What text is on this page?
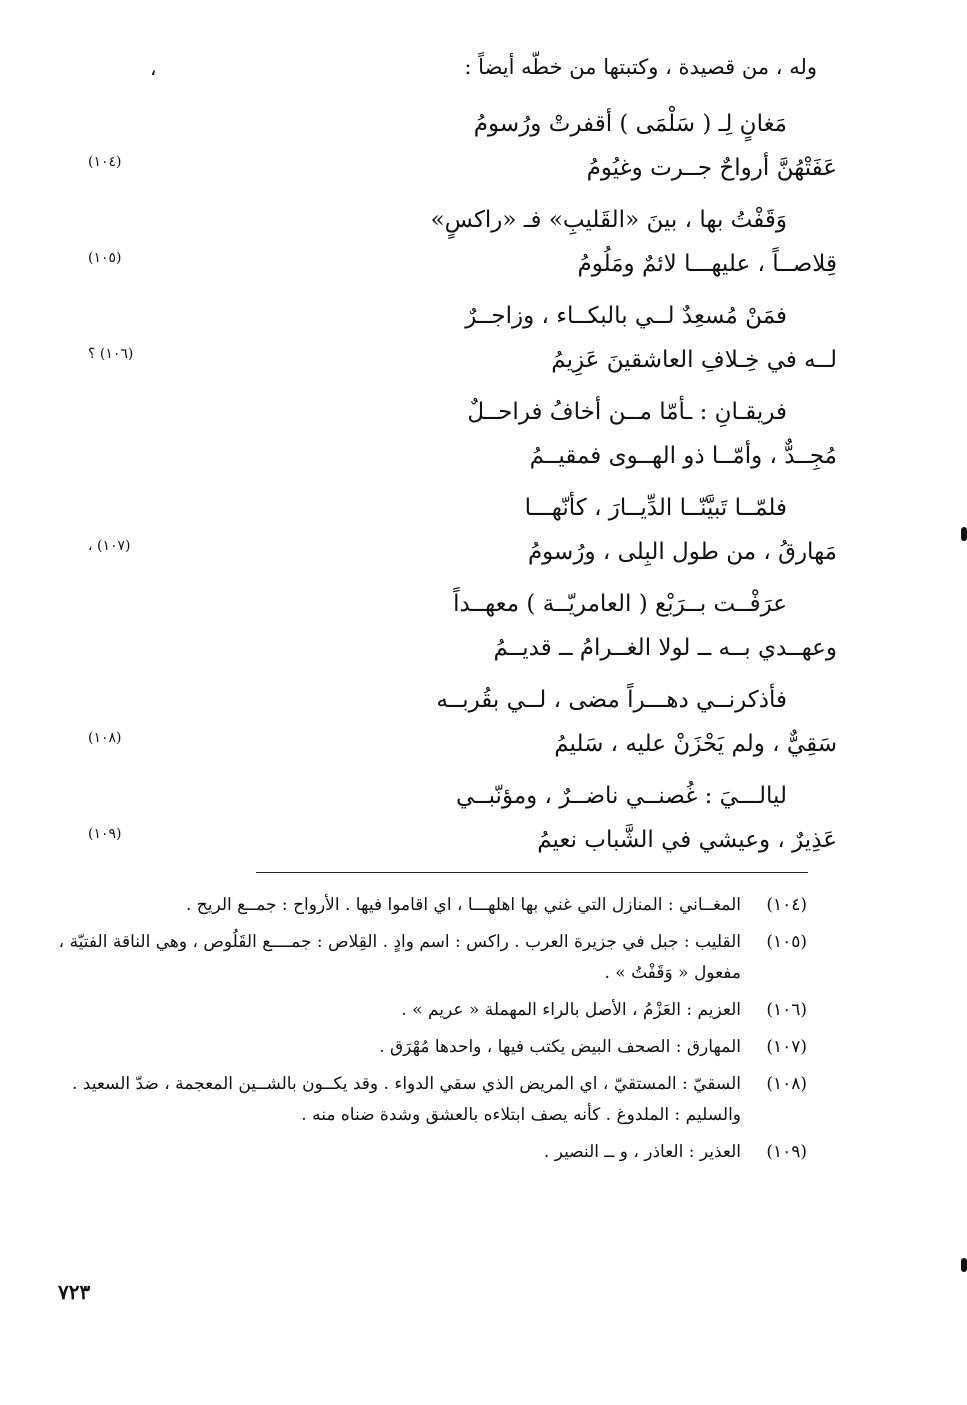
وله ، من قصيدة ، وكتبتها من خطّه أيضاً :
،
مَغانٍ لِـ ( سَلْمَى ) أقفرتْ ورُسومُ
عَفَتْهُنَّ أرواحٌ جــرت وغيُومُ
(١٠٤)
وَقَفْتُ بها ، بينَ «القَليبِ» فـ «راكسٍ»
قِلاصــاً ، عليهـــا لائمٌ ومَلُومُ
(١٠٥)
فمَنْ مُسعِدٌ لــي بالبكــاء ، وزاجــرٌ
لــه في خِـلافِ العاشقينَ عَزِيمُ
(١٠٦) ؟
فريقـانِ : ـأمّا مــن أخافُ فراحــلٌ
مُجِــدٌّ ، وأمّــا ذو الهــوى فمقيــمُ
فلمّــا تَبيَّنّــا الدِّيــارَ ، كأنّهـــا
مَهارقُ ، من طول البِلى ، ورُسومُ
(١٠٧) ،
عرَفْــت بــرَبْع ( العامريّــة ) معهــداً
وعهــدي بــه ــ لولا الغــرامُ ــ قديــمُ
فأذكرنــي دهـــراً مضى ، لــي بقُربــه
سَقِيٌّ ، ولم يَحْزَنْ عليه ، سَليمُ
(١٠٨)
ليالـــيَ : غُصنــي ناضــرٌ ، ومؤنّبــي
عَذِيرٌ ، وعيشي في الشَّباب نعيمُ
(١٠٩)
(١٠٤)
المغــاني : المنازل التي غني بها اهلهـــا ، اي اقاموا فيها . الأرواح : جمــع الريح .
(١٠٥)
القليب : جبل في جزيرة العرب . راكس : اسم وادٍ . القِلاص : جمــــع القَلُوص ، وهي الناقة الفتيّة ، مفعول « وَقَفْتُ » .
(١٠٦)
العزيم : العَزْمُ ، الأصل بالراء المهملة « عريم » .
(١٠٧)
المهارق : الصحف البيض يكتب فيها ، واحدها مُهْرَق .
(١٠٨)
السقيّ : المستقيّ ، اي المريض الذي سقي الدواء . وقد يكــون بالشــين المعجمة ، ضدّ السعيد . والسليم : الملدوغ . كأنه يصف ابتلاءه بالعشق وشدة ضناه منه .
(١٠٩)
العذير : العاذر ، و ــ النصير .
٧٢٣
